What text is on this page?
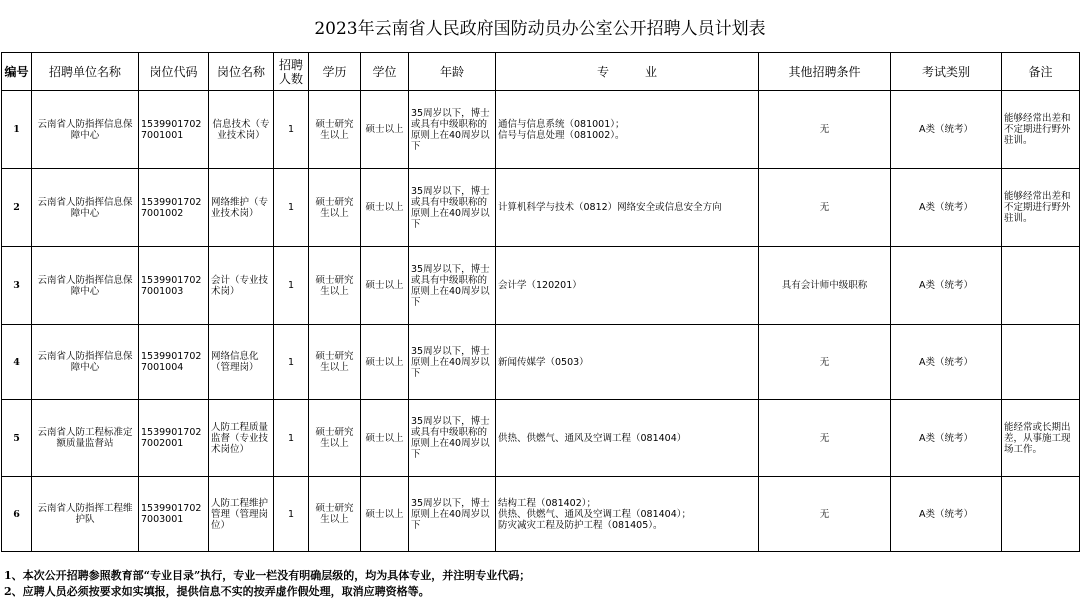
2023年云南省人民政府国防动员办公室公开招聘人员计划表
编号	招聘单位名称	岗位代码	岗位名称	招聘人数	学历	学位	年龄	专　　　业	其他招聘条件	考试类别	备注
1	云南省人防指挥信息保障中心	15399017027001001	信息技术（专业技术岗）	1	硕士研究生以上	硕士以上	35周岁以下，博士或具有中级职称的原则上在40周岁以下	通信与信息系统（081001）；
信号与信息处理（081002）。	无	A类（统考）	能够经常出差和不定期进行野外驻训。
2	云南省人防指挥信息保障中心	15399017027001002	网络维护（专业技术岗）	1	硕士研究生以上	硕士以上	35周岁以下，博士或具有中级职称的原则上在40周岁以下	计算机科学与技术（0812）网络安全或信息安全方向	无	A类（统考）	能够经常出差和不定期进行野外驻训。
3	云南省人防指挥信息保障中心	15399017027001003	会计（专业技术岗）	1	硕士研究生以上	硕士以上	35周岁以下，博士或具有中级职称的原则上在40周岁以下	会计学（120201）	具有会计师中级职称	A类（统考）	
4	云南省人防指挥信息保障中心	15399017027001004	网络信息化（管理岗）	1	硕士研究生以上	硕士以上	35周岁以下，博士原则上在40周岁以下	新闻传媒学（0503）	无	A类（统考）	
5	云南省人防工程标准定额质量监督站	15399017027002001	人防工程质量监督（专业技术岗位）	1	硕士研究生以上	硕士以上	35周岁以下，博士或具有中级职称的原则上在40周岁以下	供热、供燃气、通风及空调工程（081404）	无	A类（统考）	能经常或长期出差，从事施工现场工作。
6	云南省人防指挥工程维护队	15399017027003001	人防工程维护管理（管理岗位）	1	硕士研究生以上	硕士以上	35周岁以下，博士原则上在40周岁以下	结构工程（081402）；
供热、供燃气、通风及空调工程（081404）；
防灾减灾工程及防护工程（081405）。	无	A类（统考）	
1、本次公开招聘参照教育部“专业目录”执行，专业一栏没有明确层级的，均为具体专业，并注明专业代码；
2、应聘人员必须按要求如实填报，提供信息不实的按弄虚作假处理，取消应聘资格等。
